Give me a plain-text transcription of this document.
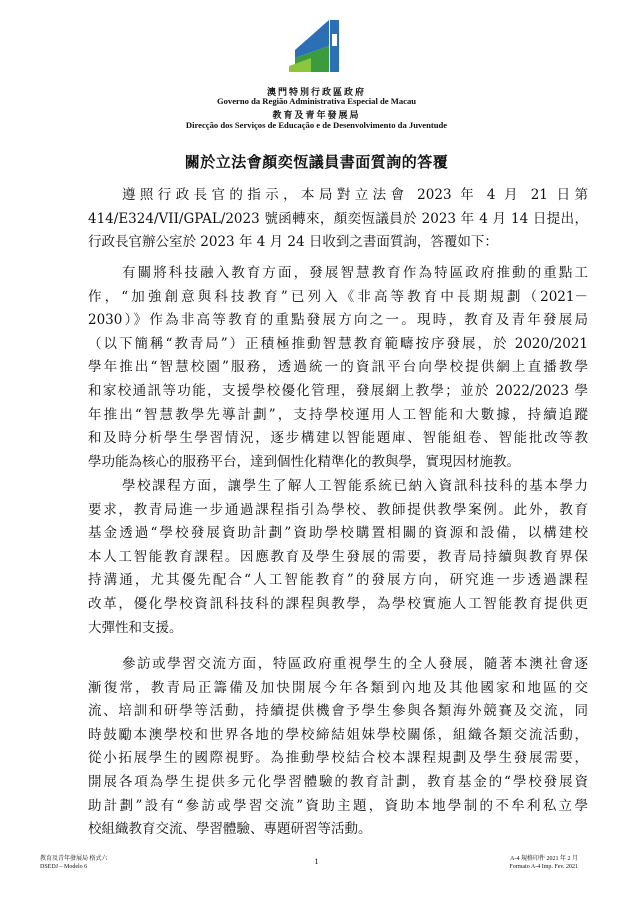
澳門特別行政區政府
Governo da Região Administrativa Especial de Macau
教育及青年發展局
Direcção dos Serviços de Educação e de Desenvolvimento da Juventude
關於立法會顏奕恆議員書面質詢的答覆

遵照行政長官的指示，本局對立法會 2023 年 4 月 21 日第

414/E324/VII/GPAL/2023 號函轉來，顏奕恆議員於 2023 年 4 月 14 日提出，

行政長官辦公室於 2023 年 4 月 24 日收到之書面質詢，答覆如下：

有關將科技融入教育方面，發展智慧教育作為特區政府推動的重點工

作，“加強創意與科技教育”已列入《非高等教育中長期規劃（2021－

2030）》作為非高等教育的重點發展方向之一。現時，教育及青年發展局

（以下簡稱“教青局”）正積極推動智慧教育範疇按序發展，於 2020/2021

學年推出“智慧校園”服務，透過統一的資訊平台向學校提供網上直播教學

和家校通訊等功能，支援學校優化管理，發展網上教學；並於 2022/2023 學

年推出“智慧教學先導計劃”，支持學校運用人工智能和大數據，持續追蹤

和及時分析學生學習情況，逐步構建以智能題庫、智能組卷、智能批改等教

學功能為核心的服務平台，達到個性化精準化的教與學，實現因材施教。

學校課程方面，讓學生了解人工智能系統已納入資訊科技科的基本學力

要求，教青局進一步通過課程指引為學校、教師提供教學案例。此外，教育

基金透過“學校發展資助計劃”資助學校購置相關的資源和設備，以構建校

本人工智能教育課程。因應教育及學生發展的需要，教青局持續與教育界保

持溝通，尤其優先配合“人工智能教育”的發展方向，研究進一步透過課程

改革，優化學校資訊科技科的課程與教學，為學校實施人工智能教育提供更

大彈性和支援。

參訪或學習交流方面，特區政府重視學生的全人發展，隨著本澳社會逐

漸復常，教青局正籌備及加快開展今年各類到內地及其他國家和地區的交

流、培訓和研學等活動，持續提供機會予學生參與各類海外競賽及交流，同

時鼓勵本澳學校和世界各地的學校締結姐妹學校關係，組織各類交流活動，

從小拓展學生的國際視野。為推動學校結合校本課程規劃及學生發展需要，

開展各項為學生提供多元化學習體驗的教育計劃，教育基金的“學校發展資

助計劃”設有“參訪或學習交流”資助主題，資助本地學制的不牟利私立學

校組織教育交流、學習體驗、專題研習等活動。

教育及青年發展局 格式六
DSEDJ – Modelo 6
1	A-4 規格印件 2021 年 2 月
Formato A-4 Imp. Fev. 2021
